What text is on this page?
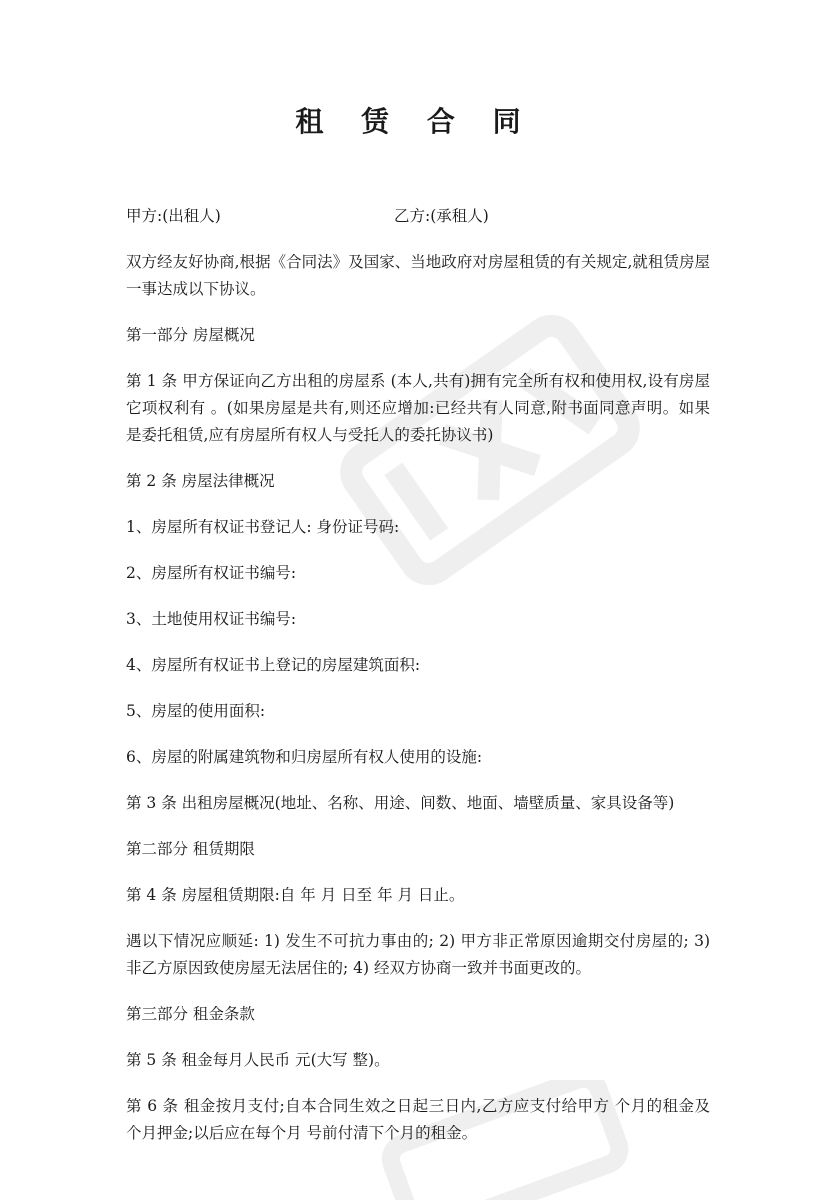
租 赁 合 同
甲方:(出租人)	乙方:(承租人)

双方经友好协商,根据《合同法》及国家、当地政府对房屋租赁的有关规定,就租赁房屋一事达成以下协议。

第一部分 房屋概况

第 1 条 甲方保证向乙方出租的房屋系 (本人,共有)拥有完全所有权和使用权,设有房屋它项权利有 。(如果房屋是共有,则还应增加:已经共有人同意,附书面同意声明。如果是委托租赁,应有房屋所有权人与受托人的委托协议书)

第 2 条 房屋法律概况

1、房屋所有权证书登记人: 身份证号码:

2、房屋所有权证书编号:

3、土地使用权证书编号:

4、房屋所有权证书上登记的房屋建筑面积:

5、房屋的使用面积:

6、房屋的附属建筑物和归房屋所有权人使用的设施:

第 3 条 出租房屋概况(地址、名称、用途、间数、地面、墙壁质量、家具设备等)

第二部分 租赁期限

第 4 条 房屋租赁期限:自 年 月 日至 年 月 日止。

遇以下情况应顺延: 1) 发生不可抗力事由的; 2) 甲方非正常原因逾期交付房屋的; 3) 非乙方原因致使房屋无法居住的; 4) 经双方协商一致并书面更改的。

第三部分 租金条款

第 5 条 租金每月人民币 元(大写 整)。

第 6 条 租金按月支付;自本合同生效之日起三日内,乙方应支付给甲方 个月的租金及 个月押金;以后应在每个月 号前付清下个月的租金。
